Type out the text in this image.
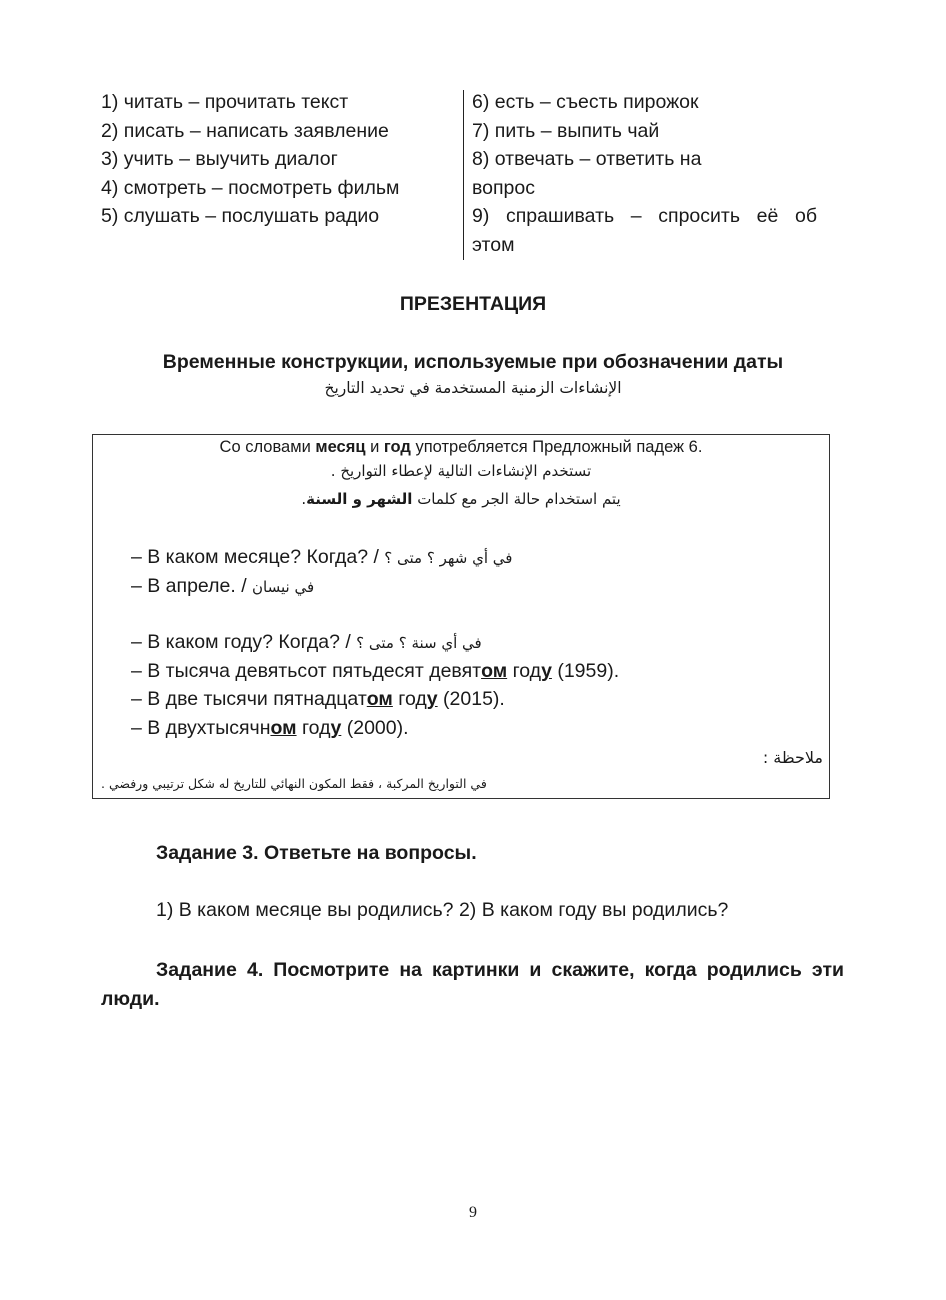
1) читать – прочитать текст
2) писать – написать заявление
3) учить – выучить диалог
4) смотреть – посмотреть фильм
5) слушать – послушать радио
6) есть – съесть пирожок
7) пить – выпить чай
8) отвечать – ответить на
вопрос
9) спрашивать – спросить её об
этом
ПРЕЗЕНТАЦИЯ
Временные конструкции, используемые при обозначении даты
الإنشاءات الزمنية المستخدمة في تحديد التاريخ
Со словами месяц и год употребляется Предложный падеж 6.
تستخدم الإنشاءات التالية لإعطاء التواريخ .
يتم استخدام حالة الجر مع كلمات الشهر و السنة.
– В каком месяце? Когда? / في أي شهر ؟ متى ؟
– В апреле. / في نيسان
– В каком году? Когда? / في أي سنة ؟ متى ؟
– В тысяча девятьсот пятьдесят девятом году (1959).
– В две тысячи пятнадцатом году (2015).
– В двухтысячном году (2000).
ملاحظة :
في التواريخ المركبة ، فقط المكون النهائي للتاريخ له شكل ترتيبي ورفضي .
Задание 3. Ответьте на вопросы.
1) В каком месяце вы родились? 2) В каком году вы родились?
Задание 4. Посмотрите на картинки и скажите, когда родились эти люди.
9
